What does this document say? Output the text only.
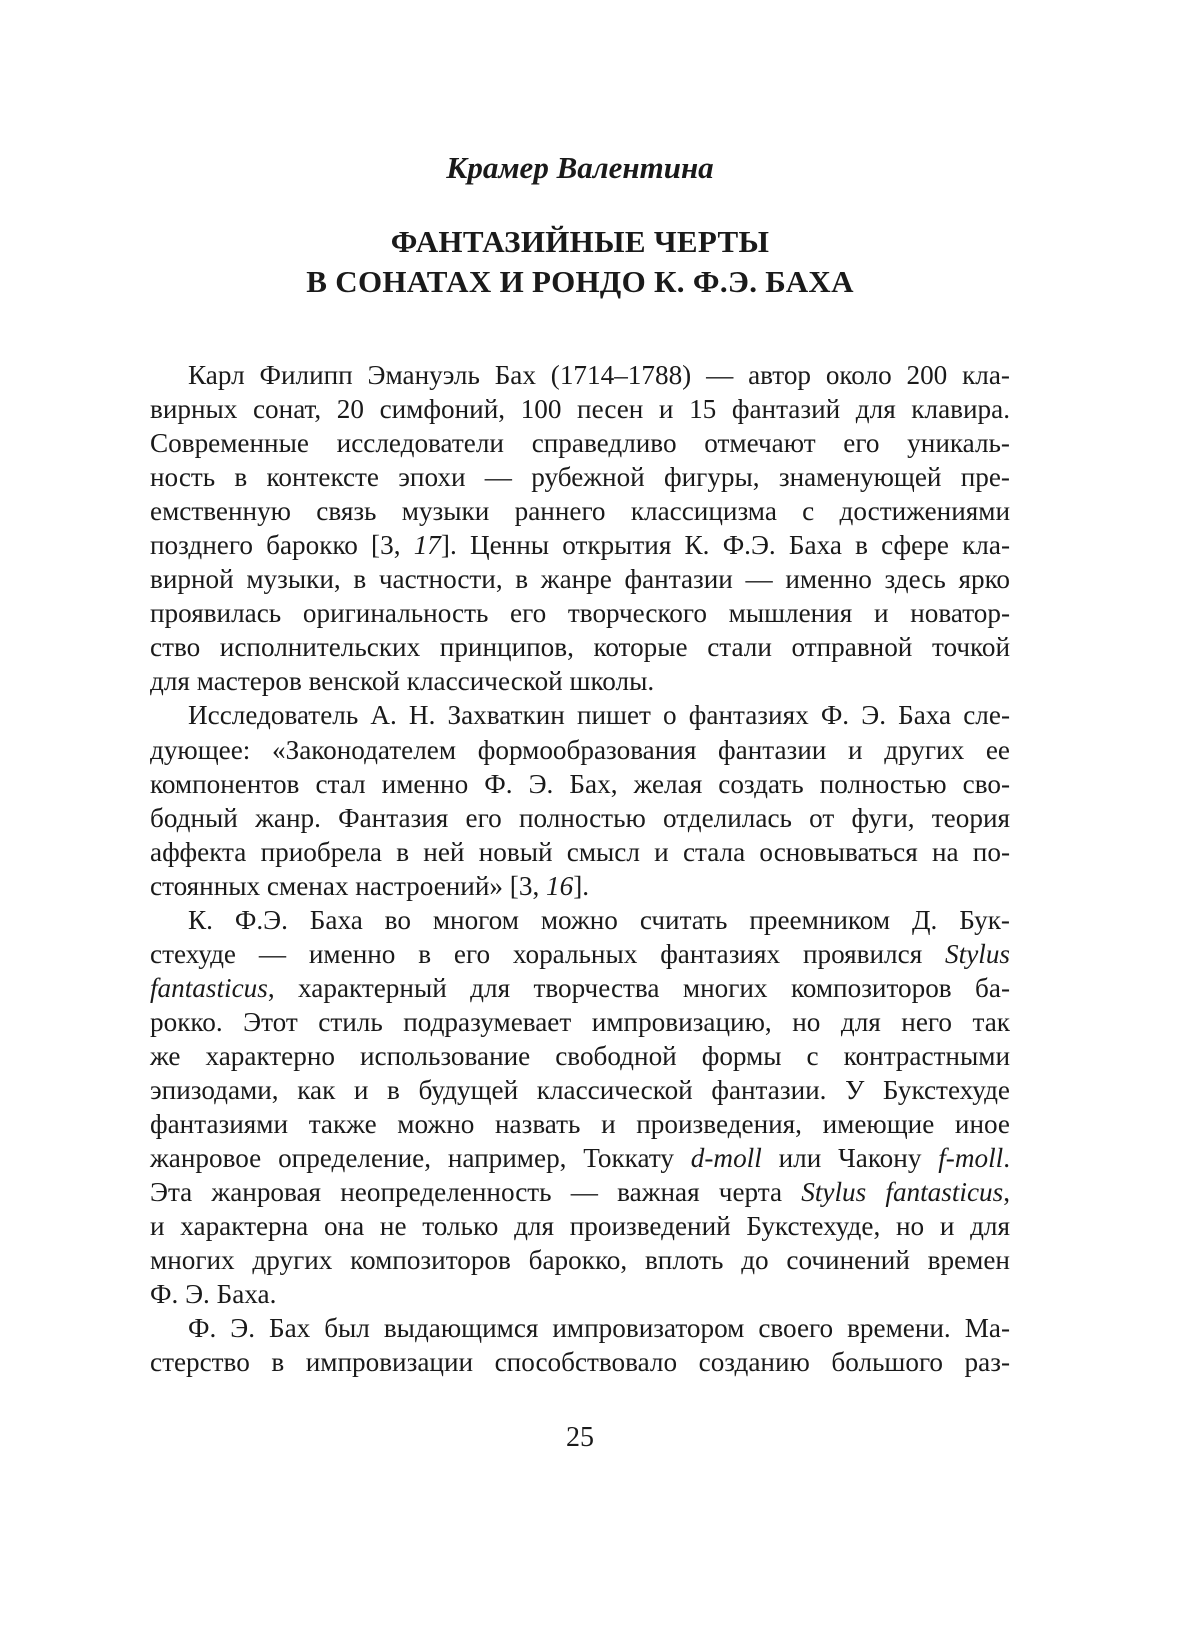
Крамер Валентина
ФАНТАЗИЙНЫЕ ЧЕРТЫ
В СОНАТАХ И РОНДО К. Ф.Э. БАХА
Карл Филипп Эмануэль Бах (1714–1788) — автор около 200 кла-
вирных сонат, 20 симфоний, 100 песен и 15 фантазий для клавира.
Современные исследователи справедливо отмечают его уникаль-
ность в контексте эпохи — рубежной фигуры, знаменующей пре-
емственную связь музыки раннего классицизма с достижениями
позднего барокко [3, 17]. Ценны открытия К. Ф.Э. Баха в сфере кла-
вирной музыки, в частности, в жанре фантазии — именно здесь ярко
проявилась оригинальность его творческого мышления и новатор-
ство исполнительских принципов, которые стали отправной точкой
для мастеров венской классической школы.
Исследователь А. Н. Захваткин пишет о фантазиях Ф. Э. Баха сле-
дующее: «Законодателем формообразования фантазии и других ее
компонентов стал именно Ф. Э. Бах, желая создать полностью сво-
бодный жанр. Фантазия его полностью отделилась от фуги, теория
аффекта приобрела в ней новый смысл и стала основываться на по-
стоянных сменах настроений» [3, 16].
К. Ф.Э. Баха во многом можно считать преемником Д. Бук-
стехуде — именно в его хоральных фантазиях проявился Stylus
fantasticus, характерный для творчества многих композиторов ба-
рокко. Этот стиль подразумевает импровизацию, но для него так
же характерно использование свободной формы с контрастными
эпизодами, как и в будущей классической фантазии. У Букстехуде
фантазиями также можно назвать и произведения, имеющие иное
жанровое определение, например, Токкату d-moll или Чакону f-moll.
Эта жанровая неопределенность — важная черта Stylus fantasticus,
и характерна она не только для произведений Букстехуде, но и для
многих других композиторов барокко, вплоть до сочинений времен
Ф. Э. Баха.
Ф. Э. Бах был выдающимся импровизатором своего времени. Ма-
стерство в импровизации способствовало созданию большого раз-
25
